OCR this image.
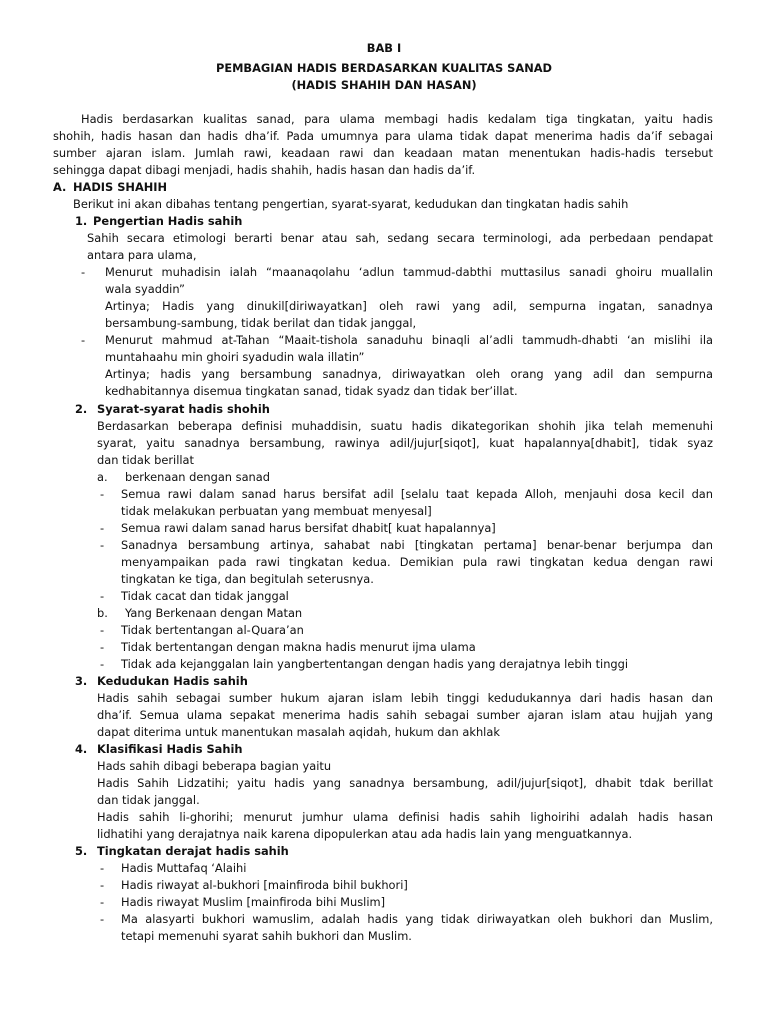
BAB I
PEMBAGIAN HADIS BERDASARKAN KUALITAS SANAD
(HADIS SHAHIH DAN HASAN)
Hadis berdasarkan kualitas sanad, para ulama membagi hadis kedalam tiga tingkatan, yaitu hadis
shohih, hadis hasan dan hadis dha’if. Pada umumnya para ulama tidak dapat menerima hadis da’if sebagai
sumber ajaran islam. Jumlah rawi, keadaan rawi dan keadaan matan menentukan hadis-hadis tersebut
sehingga dapat dibagi menjadi, hadis shahih, hadis hasan dan hadis da’if.
A. HADIS SHAHIH
Berikut ini akan dibahas tentang pengertian, syarat-syarat, kedudukan dan tingkatan hadis sahih
1. Pengertian Hadis sahih
Sahih secara etimologi berarti benar atau sah, sedang secara terminologi, ada perbedaan pendapat
antara para ulama,
- Menurut muhadisin ialah “maanaqolahu ‘adlun tammud-dabthi muttasilus sanadi ghoiru muallalin
wala syaddin”
Artinya; Hadis yang dinukil[diriwayatkan] oleh rawi yang adil, sempurna ingatan, sanadnya
bersambung-sambung, tidak berilat dan tidak janggal,
- Menurut mahmud at-Tahan “Maait-tishola sanaduhu binaqli al’adli tammudh-dhabti ‘an mislihi ila
muntahaahu min ghoiri syadudin wala illatin”
Artinya; hadis yang bersambung sanadnya, diriwayatkan oleh orang yang adil dan sempurna
kedhabitannya disemua tingkatan sanad, tidak syadz dan tidak ber’illat.
2. Syarat-syarat hadis shohih
Berdasarkan beberapa definisi muhaddisin, suatu hadis dikategorikan shohih jika telah memenuhi
syarat, yaitu sanadnya bersambung, rawinya adil/jujur[siqot], kuat hapalannya[dhabit], tidak syaz
dan tidak berillat
a. berkenaan dengan sanad
- Semua rawi dalam sanad harus bersifat adil [selalu taat kepada Alloh, menjauhi dosa kecil dan
tidak melakukan perbuatan yang membuat menyesal]
- Semua rawi dalam sanad harus bersifat dhabit[ kuat hapalannya]
- Sanadnya bersambung artinya, sahabat nabi [tingkatan pertama] benar-benar berjumpa dan
menyampaikan pada rawi tingkatan kedua. Demikian pula rawi tingkatan kedua dengan rawi
tingkatan ke tiga, dan begitulah seterusnya.
- Tidak cacat dan tidak janggal
b. Yang Berkenaan dengan Matan
- Tidak bertentangan al-Quara’an
- Tidak bertentangan dengan makna hadis menurut ijma ulama
- Tidak ada kejanggalan lain yangbertentangan dengan hadis yang derajatnya lebih tinggi
3. Kedudukan Hadis sahih
Hadis sahih sebagai sumber hukum ajaran islam lebih tinggi kedudukannya dari hadis hasan dan
dha’if. Semua ulama sepakat menerima hadis sahih sebagai sumber ajaran islam atau hujjah yang
dapat diterima untuk manentukan masalah aqidah, hukum dan akhlak
4. Klasifikasi Hadis Sahih
Hads sahih dibagi beberapa bagian yaitu
Hadis Sahih Lidzatihi; yaitu hadis yang sanadnya bersambung, adil/jujur[siqot], dhabit tdak berillat
dan tidak janggal.
Hadis sahih li-ghorihi; menurut jumhur ulama definisi hadis sahih lighoirihi adalah hadis hasan
lidhatihi yang derajatnya naik karena dipopulerkan atau ada hadis lain yang menguatkannya.
5. Tingkatan derajat hadis sahih
- Hadis Muttafaq ‘Alaihi
- Hadis riwayat al-bukhori [mainfiroda bihil bukhori]
- Hadis riwayat Muslim [mainfiroda bihi Muslim]
- Ma alasyarti bukhori wamuslim, adalah hadis yang tidak diriwayatkan oleh bukhori dan Muslim,
tetapi memenuhi syarat sahih bukhori dan Muslim.
